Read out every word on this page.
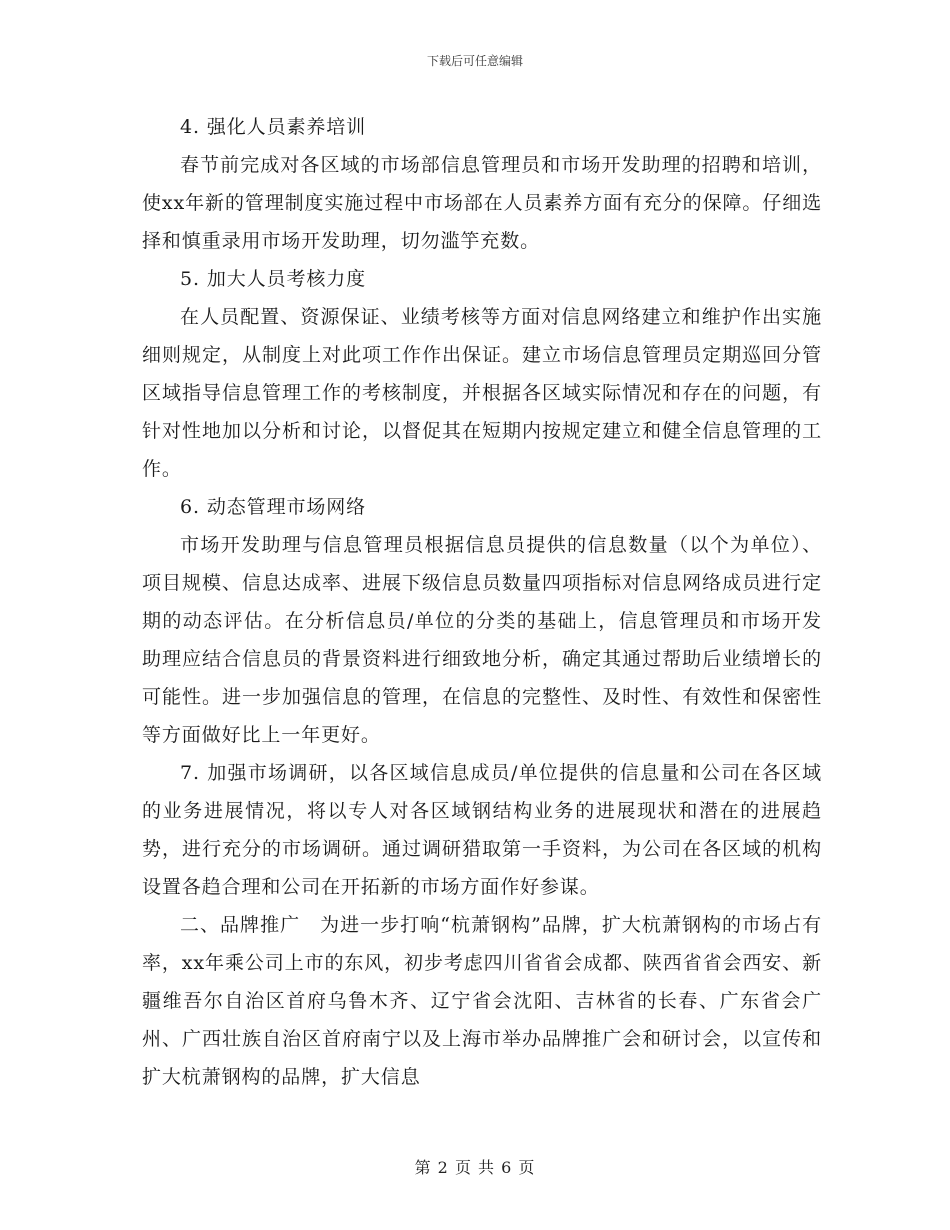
下载后可任意编辑

4. 强化人员素养培训

春节前完成对各区域的市场部信息管理员和市场开发助理的招聘和培训，使xx年新的管理制度实施过程中市场部在人员素养方面有充分的保障。仔细选择和慎重录用市场开发助理，切勿滥竽充数。

5. 加大人员考核力度

在人员配置、资源保证、业绩考核等方面对信息网络建立和维护作出实施细则规定，从制度上对此项工作作出保证。建立市场信息管理员定期巡回分管区域指导信息管理工作的考核制度，并根据各区域实际情况和存在的问题，有针对性地加以分析和讨论，以督促其在短期内按规定建立和健全信息管理的工作。

6. 动态管理市场网络

市场开发助理与信息管理员根据信息员提供的信息数量（以个为单位）、项目规模、信息达成率、进展下级信息员数量四项指标对信息网络成员进行定期的动态评估。在分析信息员/单位的分类的基础上，信息管理员和市场开发助理应结合信息员的背景资料进行细致地分析，确定其通过帮助后业绩增长的可能性。进一步加强信息的管理，在信息的完整性、及时性、有效性和保密性等方面做好比上一年更好。

7. 加强市场调研，以各区域信息成员/单位提供的信息量和公司在各区域的业务进展情况，将以专人对各区域钢结构业务的进展现状和潜在的进展趋势，进行充分的市场调研。通过调研猎取第一手资料，为公司在各区域的机构设置各趋合理和公司在开拓新的市场方面作好参谋。

二、品牌推广　为进一步打响“杭萧钢构”品牌，扩大杭萧钢构的市场占有率，xx年乘公司上市的东风，初步考虑四川省省会成都、陕西省省会西安、新疆维吾尔自治区首府乌鲁木齐、辽宁省会沈阳、吉林省的长春、广东省会广州、广西壮族自治区首府南宁以及上海市举办品牌推广会和研讨会，以宣传和扩大杭萧钢构的品牌，扩大信息

第 2 页 共 6 页
